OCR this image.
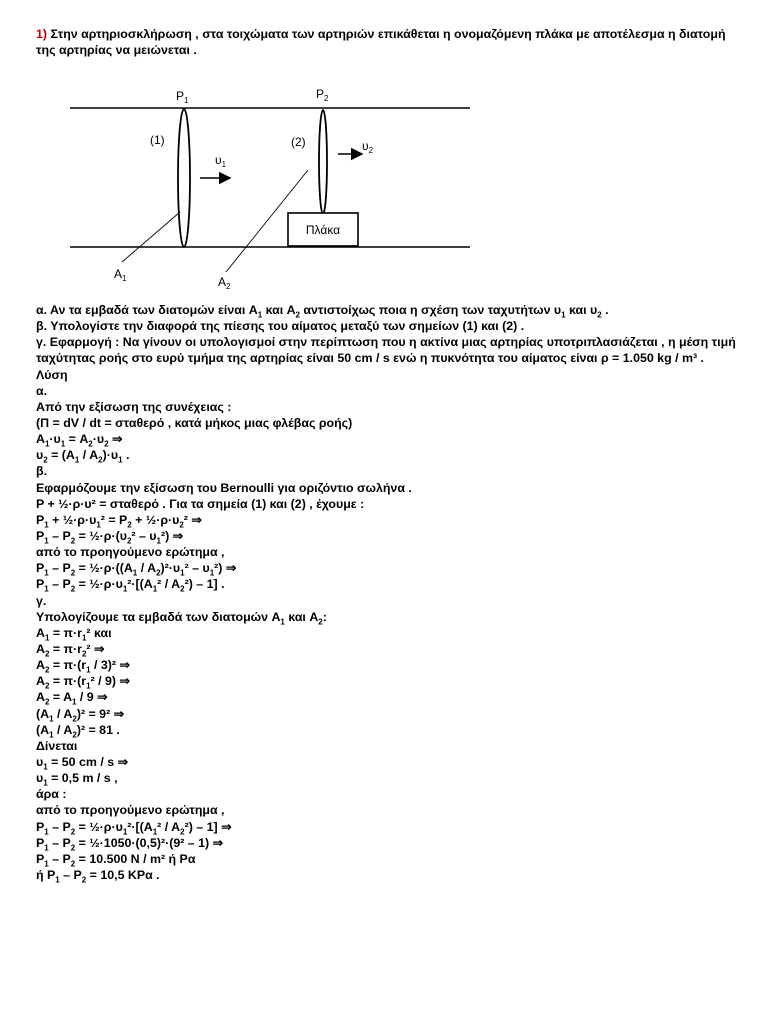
1) Στην αρτηριοσκλήρωση , στα τοιχώματα των αρτηριών επικάθεται η ονομαζόμενη πλάκα με αποτέλεσμα η διατομή της αρτηρίας να μειώνεται .
Πλάκα
$P_1$	$P_2$
(1)	(2)
$\upsilon_1$
$\upsilon_2$
$A_1$	$A_2$
α. Αν τα εμβαδά των διατομών είναι $A_1$ και $A_2$ αντιστοίχως ποια η σχέση των ταχυτήτων $\upsilon_1$ και $\upsilon_2$ .
β. Υπολογίστε την διαφορά της πίεσης του αίματος μεταξύ των σημείων (1) και (2) .
γ. Εφαρμογή : Να γίνουν οι υπολογισμοί στην περίπτωση που η ακτίνα μιας αρτηρίας υποτριπλασιάζεται , η μέση τιμή ταχύτητας ροής στο ευρύ τμήμα της αρτηρίας είναι 50 cm / s ενώ η πυκνότητα του αίματος είναι ρ = 1.050 kg / m³ .
Λύση
α.
Από την εξίσωση της συνέχειας :
(Π = dV / dt = σταθερό , κατά μήκος μιας φλέβας ροής)
$A_1\cdot\upsilon_1 = A_2\cdot\upsilon_2$ ⇒
$\upsilon_2 = (A_1 / A_2)\cdot\upsilon_1$ .
β.
Εφαρμόζουμε την εξίσωση του Bernoulli για οριζόντιο σωλήνα .
P + ½·ρ·υ² = σταθερό . Για τα σημεία (1) και (2) , έχουμε :
$P_1$ + $\frac{1}{2}\cdot\rho\cdot\upsilon_1^2 = P_2$ + $\frac{1}{2}\cdot\rho\cdot\upsilon_2^2$ ⇒
$P_1 - P_2$ = $\frac{1}{2}\cdot\rho\cdot(\upsilon_2^2 - \upsilon_1^2)$ ⇒
από το προηγούμενο ερώτημα ,
$P_1 - P_2$ = $\frac{1}{2}\cdot\rho\cdot((A_1 / A_2)^2\cdot\upsilon_1^2 - \upsilon_1^2)$ ⇒
$P_1 - P_2$ = $\frac{1}{2}\cdot\rho\cdot\upsilon_1^2\cdot[(A_1^2 / A_2^2) - 1]$ .
γ.
Υπολογίζουμε τα εμβαδά των διατομών $A_1$ και $A_2$:
$A_1 = \pi\cdot r_1^2$ και
$A_2 = \pi\cdot r_2^2$ ⇒
$A_2 = \pi\cdot(r_1 / 3)^2$ ⇒
$A_2 = \pi\cdot(r_1^2 / 9)$ ⇒
$A_2 = A_1 / 9$ ⇒
$(A_1 / A_2)^2 = 9^2$ ⇒
$(A_1 / A_2)^2 = 81$ .
Δίνεται
$\upsilon_1 = 50$ cm / s ⇒
$\upsilon_1 = 0,5$ m / s ,
άρα :
από το προηγούμενο ερώτημα ,
$P_1 - P_2$ = $\frac{1}{2}\cdot\rho\cdot\upsilon_1^2\cdot[(A_1^2 / A_2^2) - 1]$ ⇒
$P_1 - P_2$ = ½·1050·(0,5)²·(9² – 1) ⇒
$P_1 - P_2 = 10.500$ N / m² ή Pα
ή $P_1 - P_2 = 10,5$ ΚPα .
